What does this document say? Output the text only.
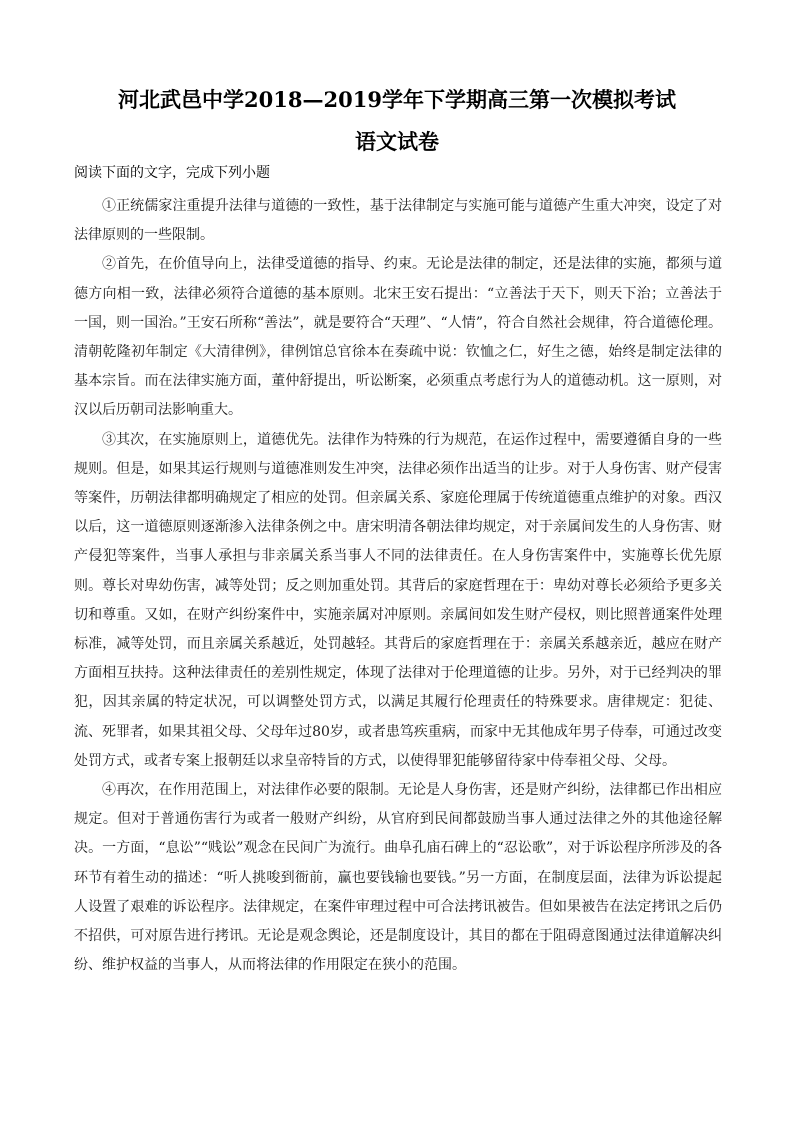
河北武邑中学2018—2019学年下学期高三第一次模拟考试
语文试卷
阅读下面的文字，完成下列小题

①正统儒家注重提升法律与道德的一致性，基于法律制定与实施可能与道德产生重大冲突，设定了对法律原则的一些限制。

②首先，在价值导向上，法律受道德的指导、约束。无论是法律的制定，还是法律的实施，都须与道德方向相一致，法律必须符合道德的基本原则。北宋王安石提出：“立善法于天下，则天下治；立善法于一国，则一国治。”王安石所称“善法”，就是要符合“天理”、“人情”，符合自然社会规律，符合道德伦理。清朝乾隆初年制定《大清律例》，律例馆总官徐本在奏疏中说：钦恤之仁，好生之德，始终是制定法律的基本宗旨。而在法律实施方面，董仲舒提出，听讼断案，必须重点考虑行为人的道德动机。这一原则，对汉以后历朝司法影响重大。

③其次，在实施原则上，道德优先。法律作为特殊的行为规范，在运作过程中，需要遵循自身的一些规则。但是，如果其运行规则与道德准则发生冲突，法律必须作出适当的让步。对于人身伤害、财产侵害等案件，历朝法律都明确规定了相应的处罚。但亲属关系、家庭伦理属于传统道德重点维护的对象。西汉以后，这一道德原则逐渐渗入法律条例之中。唐宋明清各朝法律均规定，对于亲属间发生的人身伤害、财产侵犯等案件，当事人承担与非亲属关系当事人不同的法律责任。在人身伤害案件中，实施尊长优先原则。尊长对卑幼伤害，减等处罚；反之则加重处罚。其背后的家庭哲理在于：卑幼对尊长必须给予更多关切和尊重。又如，在财产纠纷案件中，实施亲属对冲原则。亲属间如发生财产侵权，则比照普通案件处理标准，减等处罚，而且亲属关系越近，处罚越轻。其背后的家庭哲理在于：亲属关系越亲近，越应在财产方面相互扶持。这种法律责任的差别性规定，体现了法律对于伦理道德的让步。另外，对于已经判决的罪犯，因其亲属的特定状况，可以调整处罚方式，以满足其履行伦理责任的特殊要求。唐律规定：犯徒、流、死罪者，如果其祖父母、父母年过80岁，或者患笃疾重病，而家中无其他成年男子侍奉，可通过改变处罚方式，或者专案上报朝廷以求皇帝特旨的方式，以使得罪犯能够留待家中侍奉祖父母、父母。

④再次，在作用范围上，对法律作必要的限制。无论是人身伤害，还是财产纠纷，法律都已作出相应规定。但对于普通伤害行为或者一般财产纠纷，从官府到民间都鼓励当事人通过法律之外的其他途径解决。一方面，“息讼”“贱讼”观念在民间广为流行。曲阜孔庙石碑上的“忍讼歌”，对于诉讼程序所涉及的各环节有着生动的描述：“听人挑唆到衙前，赢也要钱输也要钱。”另一方面，在制度层面，法律为诉讼提起人设置了艰难的诉讼程序。法律规定，在案件审理过程中可合法拷讯被告。但如果被告在法定拷讯之后仍不招供，可对原告进行拷讯。无论是观念舆论，还是制度设计，其目的都在于阻碍意图通过法律道解决纠纷、维护权益的当事人，从而将法律的作用限定在狭小的范围。
